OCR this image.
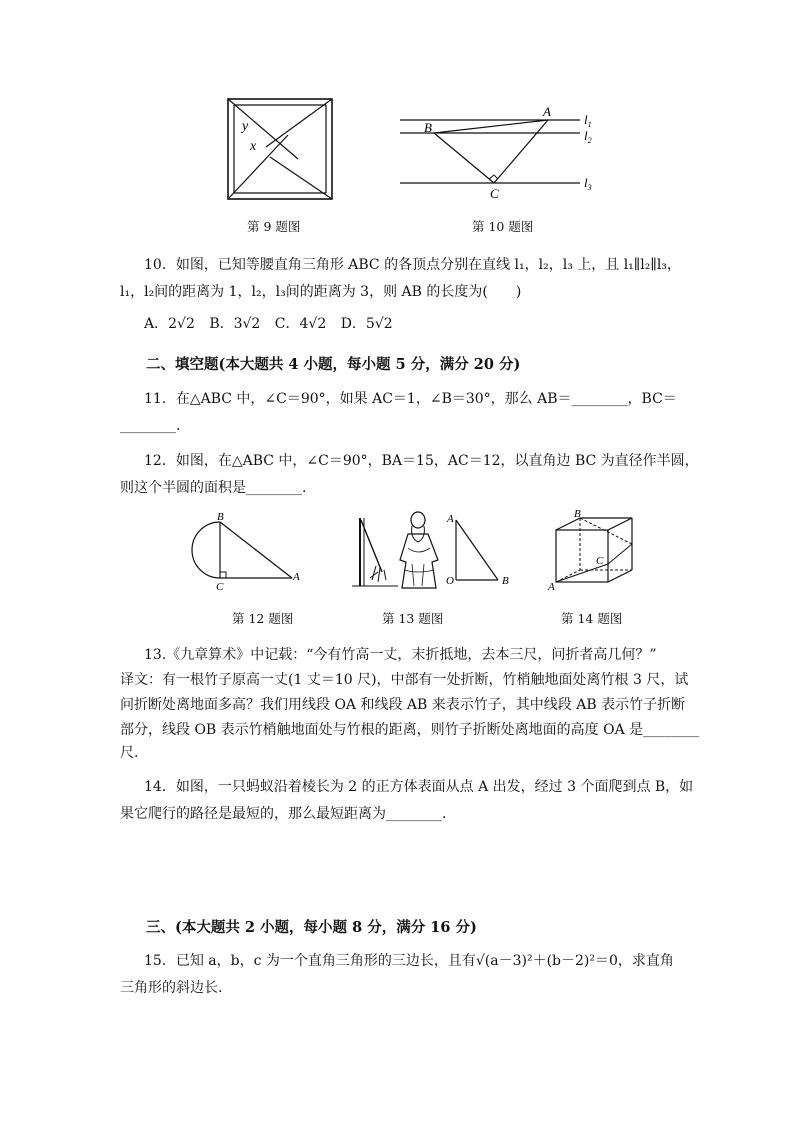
y
x
第 9 题图
A
B
C
$l_1$
$l_2$
$l_3$
第 10 题图
10．如图，已知等腰直角三角形 ABC 的各顶点分别在直线 l₁，l₂，l₃ 上，且 l₁∥l₂∥l₃，
l₁，l₂间的距离为 1，l₂，l₃间的距离为 3，则 AB 的长度为(　　)
A．2√2 B．3√2 C．4√2 D．5√2
二、填空题(本大题共 4 小题，每小题 5 分，满分 20 分)
11．在△ABC 中，∠C＝90°，如果 AC＝1，∠B＝30°，那么 AB＝________，BC＝
________.
12．如图，在△ABC 中，∠C＝90°，BA＝15，AC＝12，以直角边 BC 为直径作半圆，
则这个半圆的面积是________.
B
C
A
第 12 题图
A
O	B
第 13 题图
B
C
A
第 14 题图
13.《九章算术》中记载：“今有竹高一丈，末折抵地，去本三尺，问折者高几何？”
译文：有一根竹子原高一丈(1 丈＝10 尺)，中部有一处折断，竹梢触地面处离竹根 3 尺，试
问折断处离地面多高？我们用线段 OA 和线段 AB 来表示竹子，其中线段 AB 表示竹子折断
部分，线段 OB 表示竹梢触地面处与竹根的距离，则竹子折断处离地面的高度 OA 是________
尺.
14．如图，一只蚂蚁沿着棱长为 2 的正方体表面从点 A 出发，经过 3 个面爬到点 B，如
果它爬行的路径是最短的，那么最短距离为________.
三、(本大题共 2 小题，每小题 8 分，满分 16 分)
15．已知 a，b，c 为一个直角三角形的三边长，且有√(a－3)²＋(b－2)²＝0，求直角
三角形的斜边长.
